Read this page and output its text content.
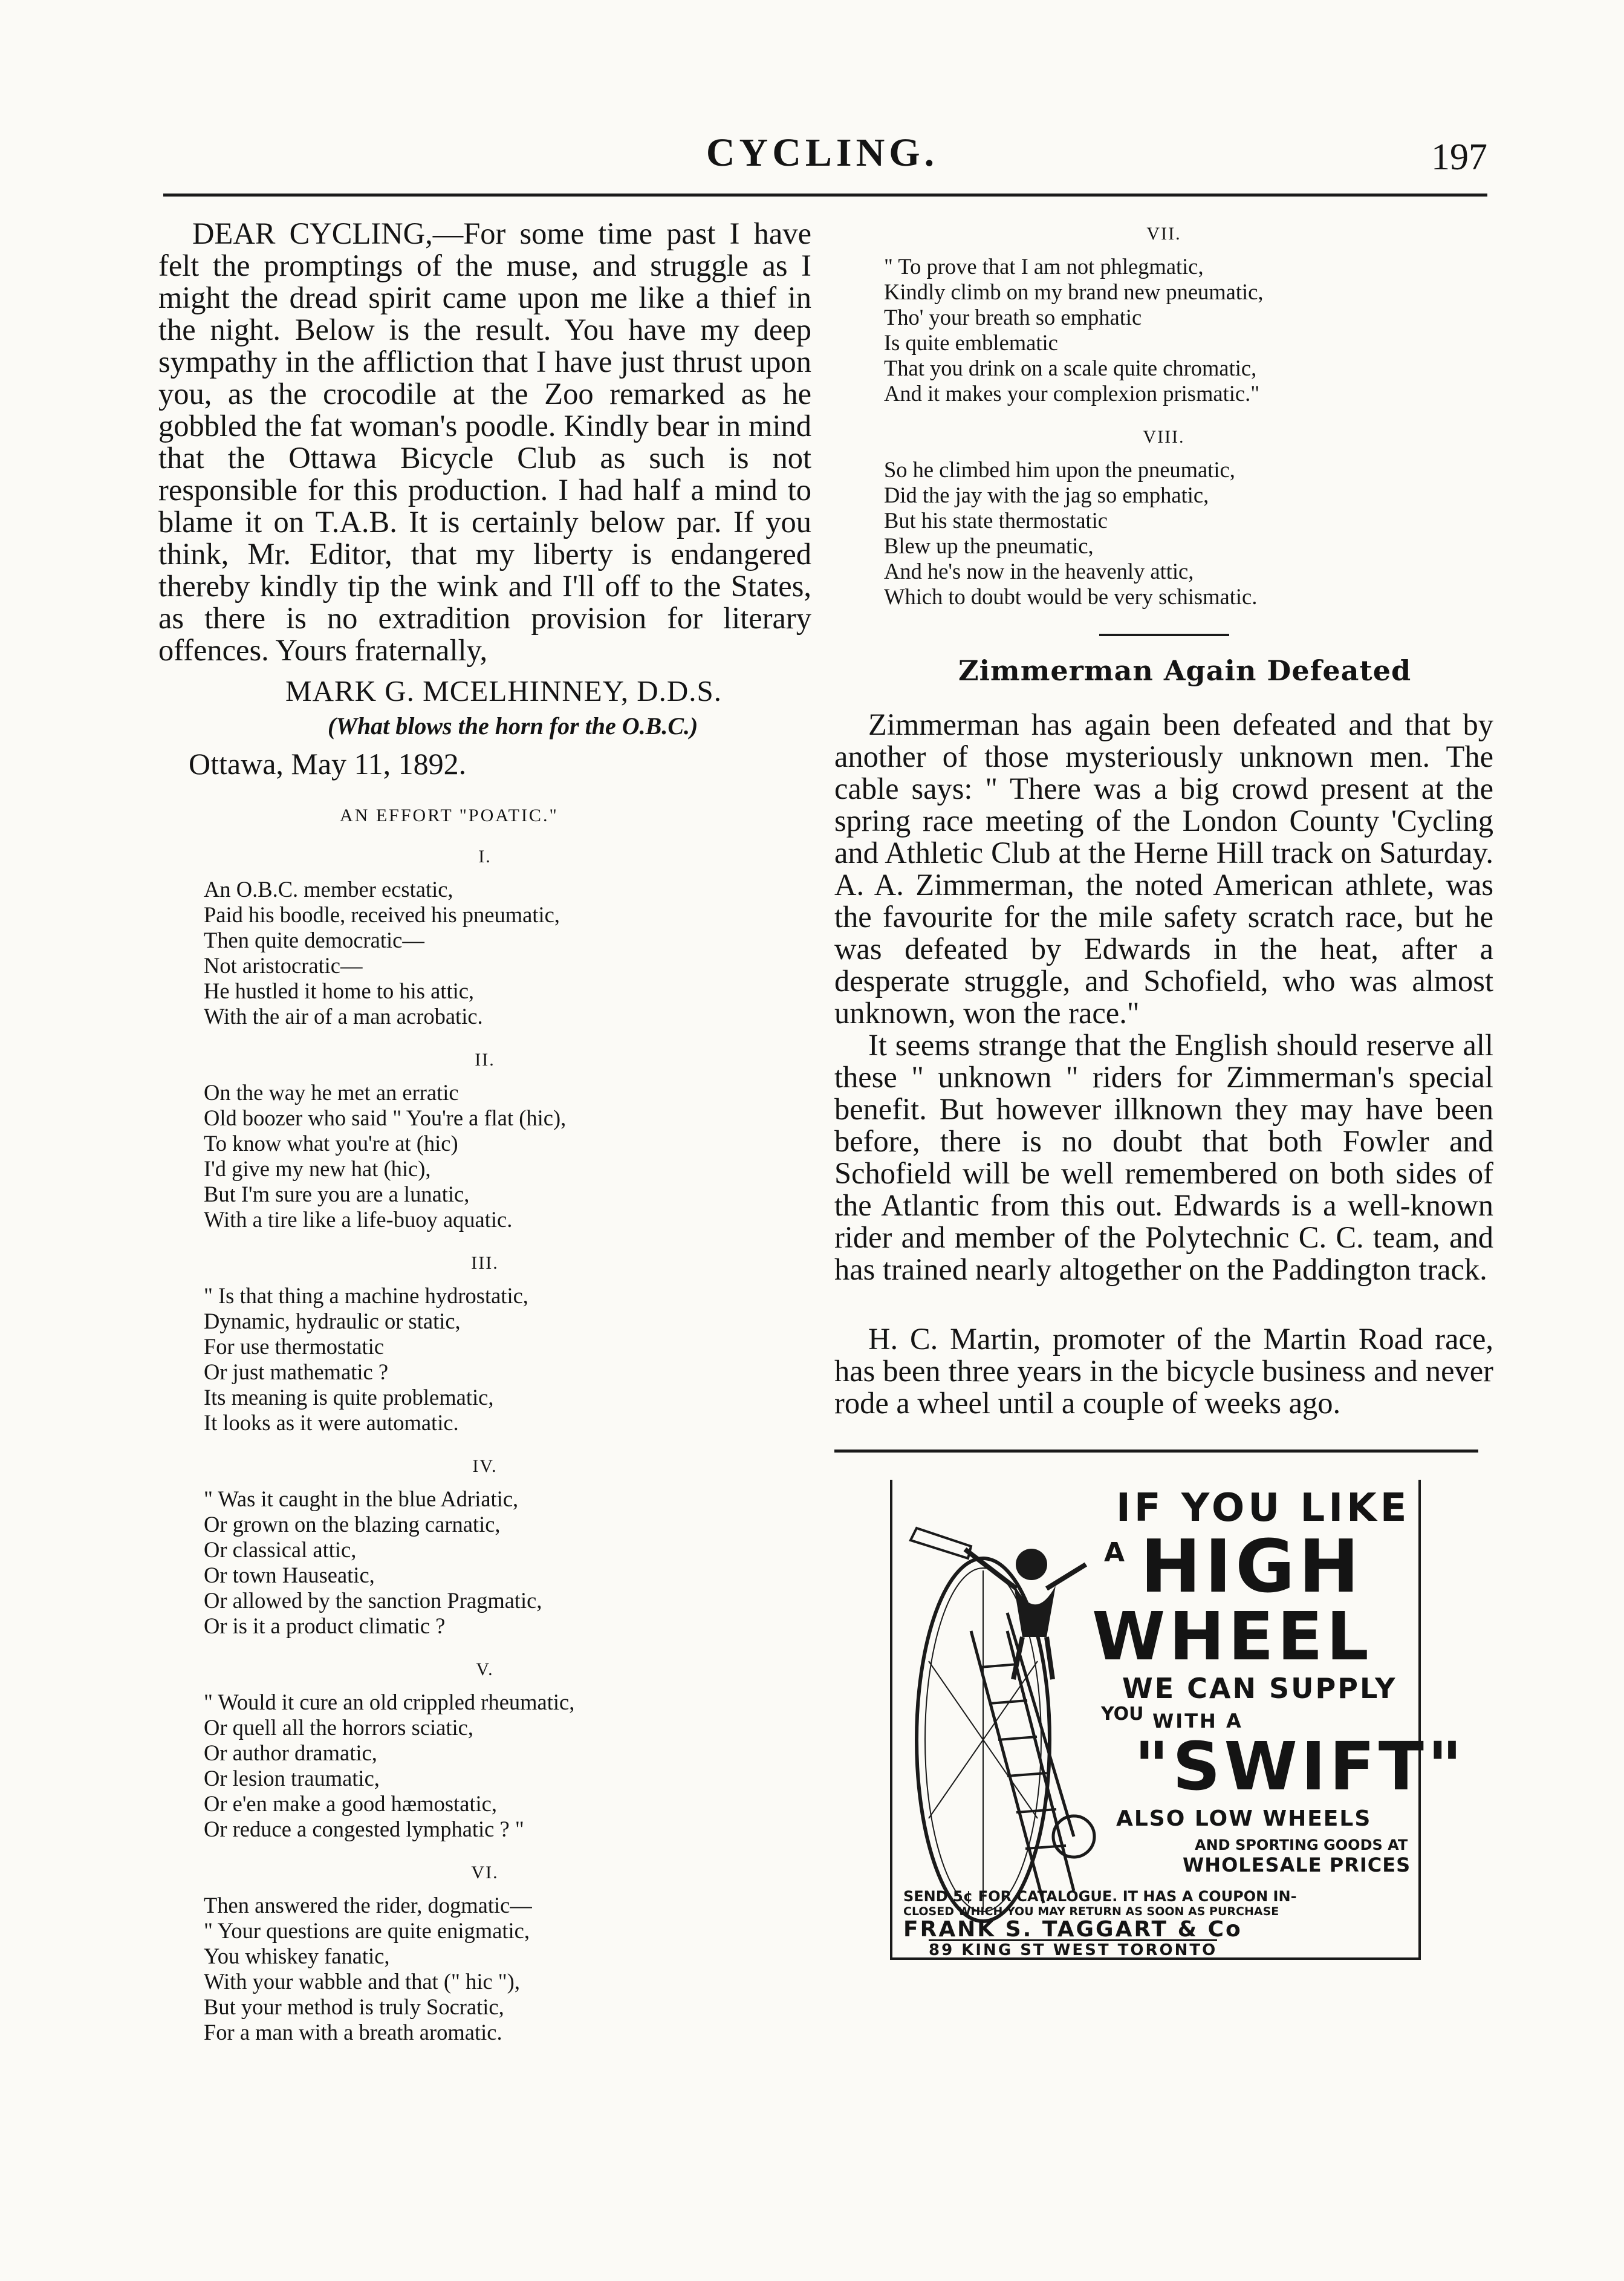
CYCLING.	197

DEAR CYCLING,—For some time past I have felt the promptings of the muse, and struggle as I might the dread spirit came upon me like a thief in the night. Below is the result. You have my deep sympathy in the affliction that I have just thrust upon you, as the crocodile at the Zoo remarked as he gobbled the fat woman's poodle. Kindly bear in mind that the Ottawa Bicycle Club as such is not responsible for this production. I had half a mind to blame it on T.A.B. It is certainly below par. If you think, Mr. Editor, that my liberty is endangered thereby kindly tip the wink and I'll off to the States, as there is no extradition provision for literary offences. Yours fraternally,

MARK G. MCELHINNEY, D.D.S.
(What blows the horn for the O.B.C.)
Ottawa, May 11, 1892.
AN EFFORT "POATIC."
I.
An O.B.C. member ecstatic,
Paid his boodle, received his pneumatic,
Then quite democratic—
Not aristocratic—
He hustled it home to his attic,
With the air of a man acrobatic.
II.
On the way he met an erratic
Old boozer who said " You're a flat (hic),
To know what you're at (hic)
I'd give my new hat (hic),
But I'm sure you are a lunatic,
With a tire like a life-buoy aquatic.
III.
" Is that thing a machine hydrostatic,
Dynamic, hydraulic or static,
For use thermostatic
Or just mathematic ?
Its meaning is quite problematic,
It looks as it were automatic.
IV.
" Was it caught in the blue Adriatic,
Or grown on the blazing carnatic,
Or classical attic,
Or town Hauseatic,
Or allowed by the sanction Pragmatic,
Or is it a product climatic ?
V.
" Would it cure an old crippled rheumatic,
Or quell all the horrors sciatic,
Or author dramatic,
Or lesion traumatic,
Or e'en make a good hæmostatic,
Or reduce a congested lymphatic ? "
VI.
Then answered the rider, dogmatic—
" Your questions are quite enigmatic,
You whiskey fanatic,
With your wabble and that (" hic "),
But your method is truly Socratic,
For a man with a breath aromatic.
VII.
" To prove that I am not phlegmatic,
Kindly climb on my brand new pneumatic,
Tho' your breath so emphatic
Is quite emblematic
That you drink on a scale quite chromatic,
And it makes your complexion prismatic."
VIII.
So he climbed him upon the pneumatic,
Did the jay with the jag so emphatic,
But his state thermostatic
Blew up the pneumatic,
And he's now in the heavenly attic,
Which to doubt would be very schismatic.
Zimmerman Again Defeated

Zimmerman has again been defeated and that by another of those mysteriously unknown men. The cable says: " There was a big crowd present at the spring race meeting of the London County 'Cycling and Athletic Club at the Herne Hill track on Saturday. A. A. Zimmerman, the noted American athlete, was the favourite for the mile safety scratch race, but he was defeated by Edwards in the heat, after a desperate struggle, and Schofield, who was almost unknown, won the race."

It seems strange that the English should reserve all these " unknown " riders for Zimmerman's special benefit. But however illknown they may have been before, there is no doubt that both Fowler and Schofield will be well remembered on both sides of the Atlantic from this out. Edwards is a well-known rider and member of the Polytechnic C. C. team, and has trained nearly altogether on the Paddington track.

H. C. Martin, promoter of the Martin Road race, has been three years in the bicycle business and never rode a wheel until a couple of weeks ago.

IF YOU LIKE
A HIGH
WHEEL
WE CAN SUPPLY
YOU WITH A
"SWIFT"
ALSO LOW WHEELS
AND SPORTING GOODS AT
WHOLESALE PRICES
SEND 5¢ FOR CATALOGUE. IT HAS A COUPON IN-
CLOSED WHICH YOU MAY RETURN AS SOON AS PURCHASE
FRANK S. TAGGART & Co
89 KING ST WEST TORONTO
